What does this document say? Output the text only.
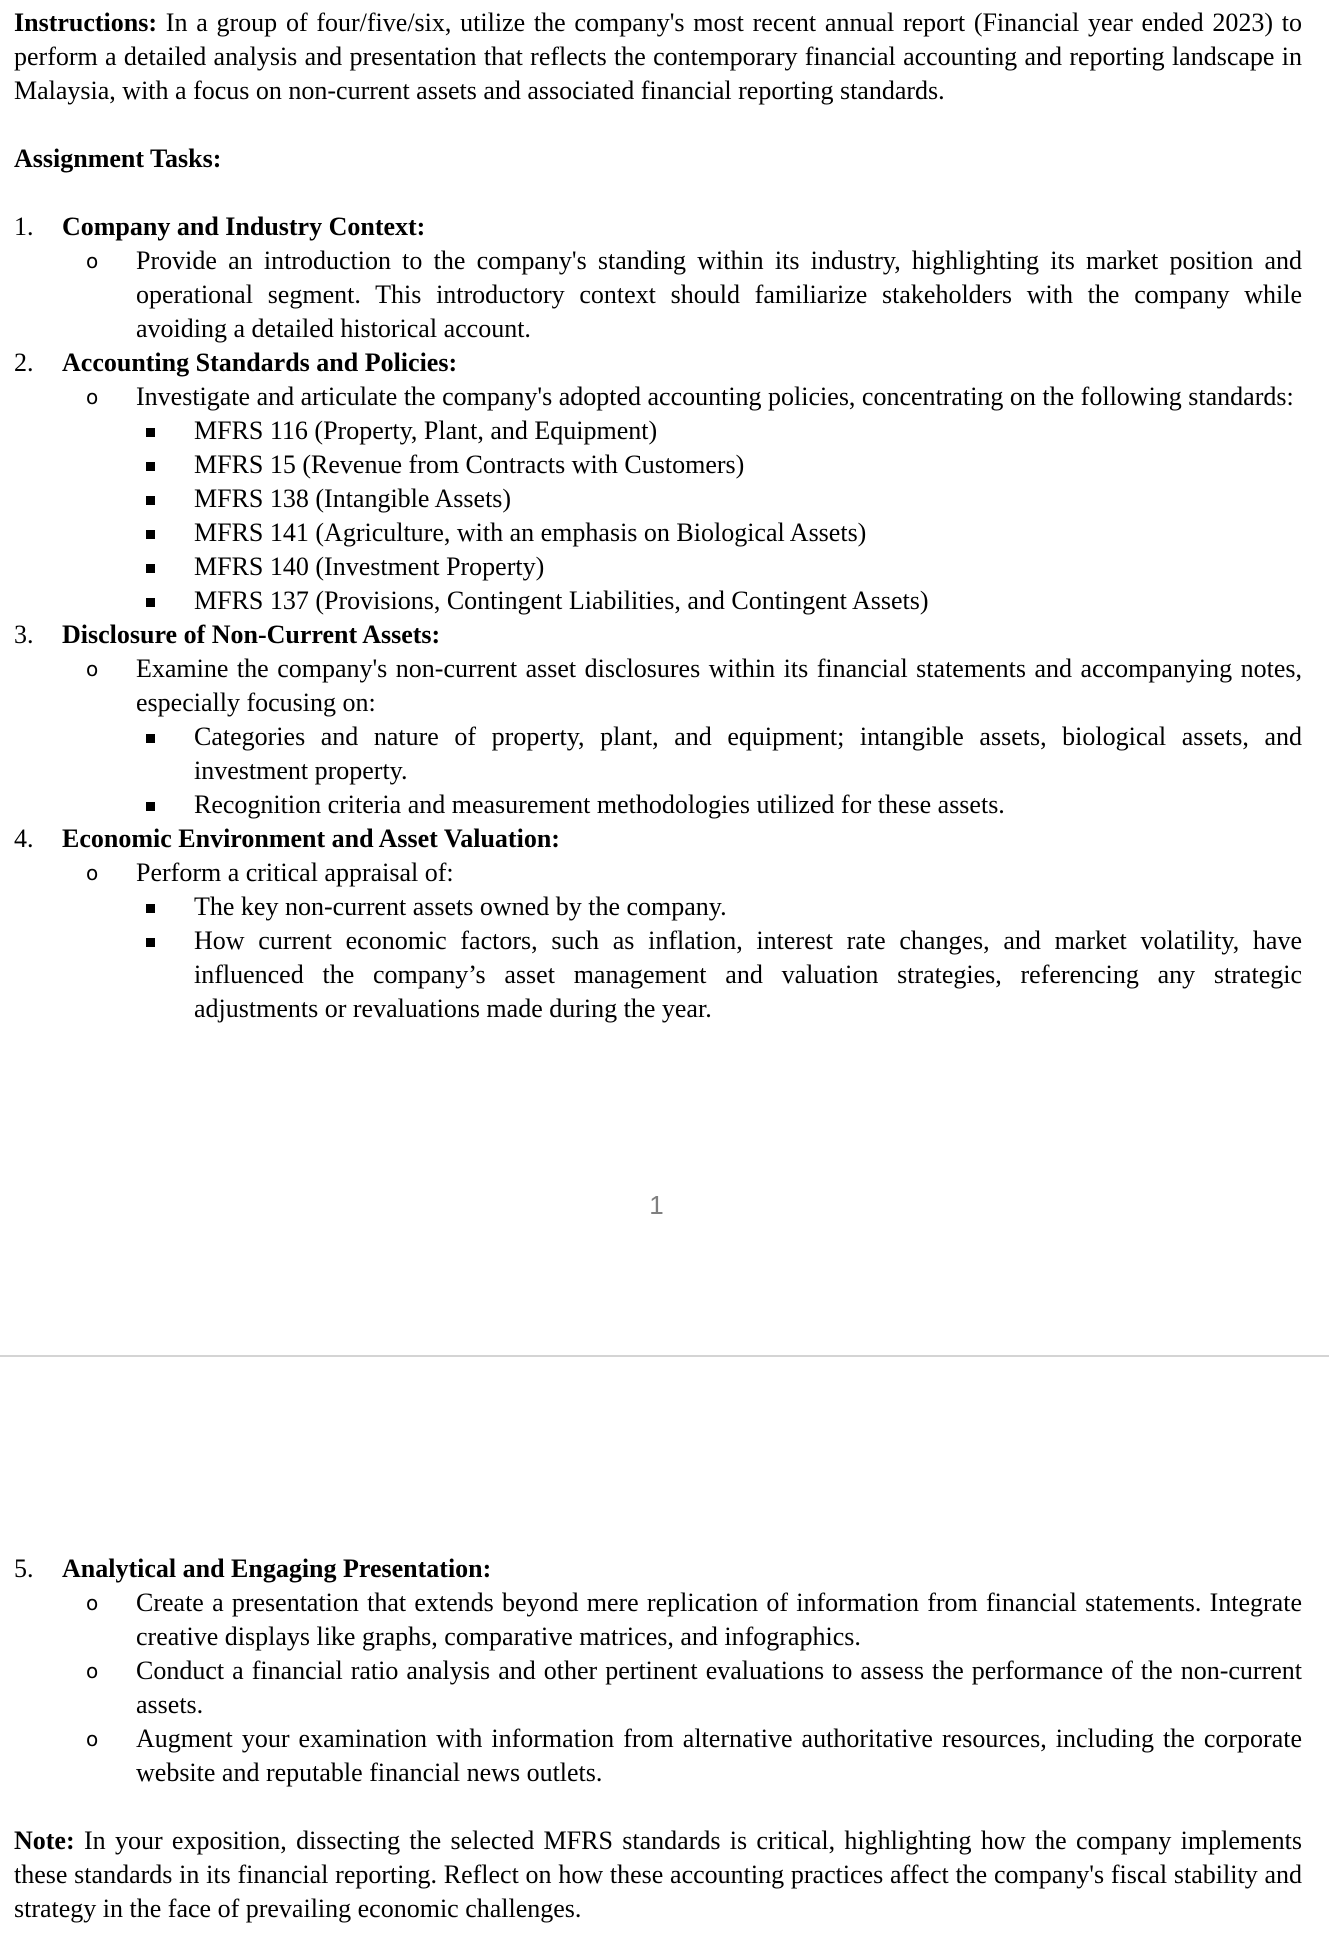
Instructions: In a group of four/five/six, utilize the company's most recent annual report (Financial year ended 2023) to perform a detailed analysis and presentation that reflects the contemporary financial accounting and reporting landscape in Malaysia, with a focus on non-current assets and associated financial reporting standards.

Assignment Tasks:

1. Company and Industry Context:
o Provide an introduction to the company's standing within its industry, highlighting its market position and operational segment. This introductory context should familiarize stakeholders with the company while avoiding a detailed historical account.
2. Accounting Standards and Policies:
o Investigate and articulate the company's adopted accounting policies, concentrating on the following standards:
MFRS 116 (Property, Plant, and Equipment)
MFRS 15 (Revenue from Contracts with Customers)
MFRS 138 (Intangible Assets)
MFRS 141 (Agriculture, with an emphasis on Biological Assets)
MFRS 140 (Investment Property)
MFRS 137 (Provisions, Contingent Liabilities, and Contingent Assets)
3. Disclosure of Non-Current Assets:
o Examine the company's non-current asset disclosures within its financial statements and accompanying notes, especially focusing on:
Categories and nature of property, plant, and equipment; intangible assets, biological assets, and investment property.
Recognition criteria and measurement methodologies utilized for these assets.
4. Economic Environment and Asset Valuation:
o Perform a critical appraisal of:
The key non-current assets owned by the company.
How current economic factors, such as inflation, interest rate changes, and market volatility, have influenced the company’s asset management and valuation strategies, referencing any strategic adjustments or revaluations made during the year.
1
5. Analytical and Engaging Presentation:
o Create a presentation that extends beyond mere replication of information from financial statements. Integrate creative displays like graphs, comparative matrices, and infographics.
o Conduct a financial ratio analysis and other pertinent evaluations to assess the performance of the non-current assets.
o Augment your examination with information from alternative authoritative resources, including the corporate website and reputable financial news outlets.

Note: In your exposition, dissecting the selected MFRS standards is critical, highlighting how the company implements these standards in its financial reporting. Reflect on how these accounting practices affect the company's fiscal stability and strategy in the face of prevailing economic challenges.
